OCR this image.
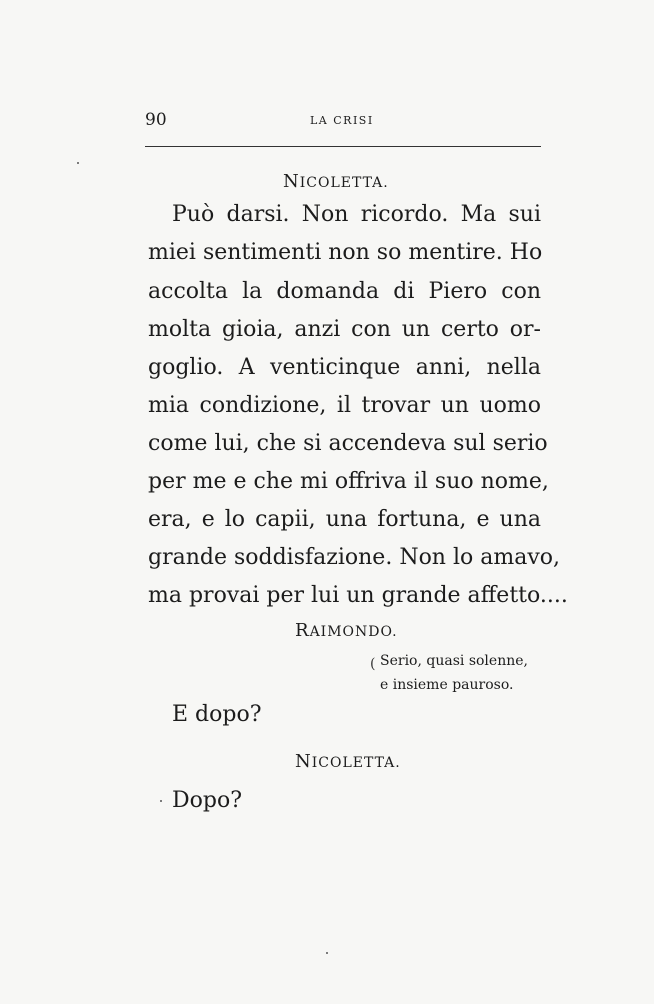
90	LA CRISI
NICOLETTA.
Può darsi. Non ricordo. Ma sui
miei sentimenti non so mentire. Ho
accolta la domanda di Piero con
molta gioia, anzi con un certo or-
goglio. A venticinque anni, nella
mia condizione, il trovar un uomo
come lui, che si accendeva sul serio
per me e che mi offriva il suo nome,
era, e lo capii, una fortuna, e una
grande soddisfazione. Non lo amavo,
ma provai per lui un grande affetto....
RAIMONDO.
( Serio, quasi solenne,
e insieme pauroso.
E dopo?
NICOLETTA.
Dopo?
